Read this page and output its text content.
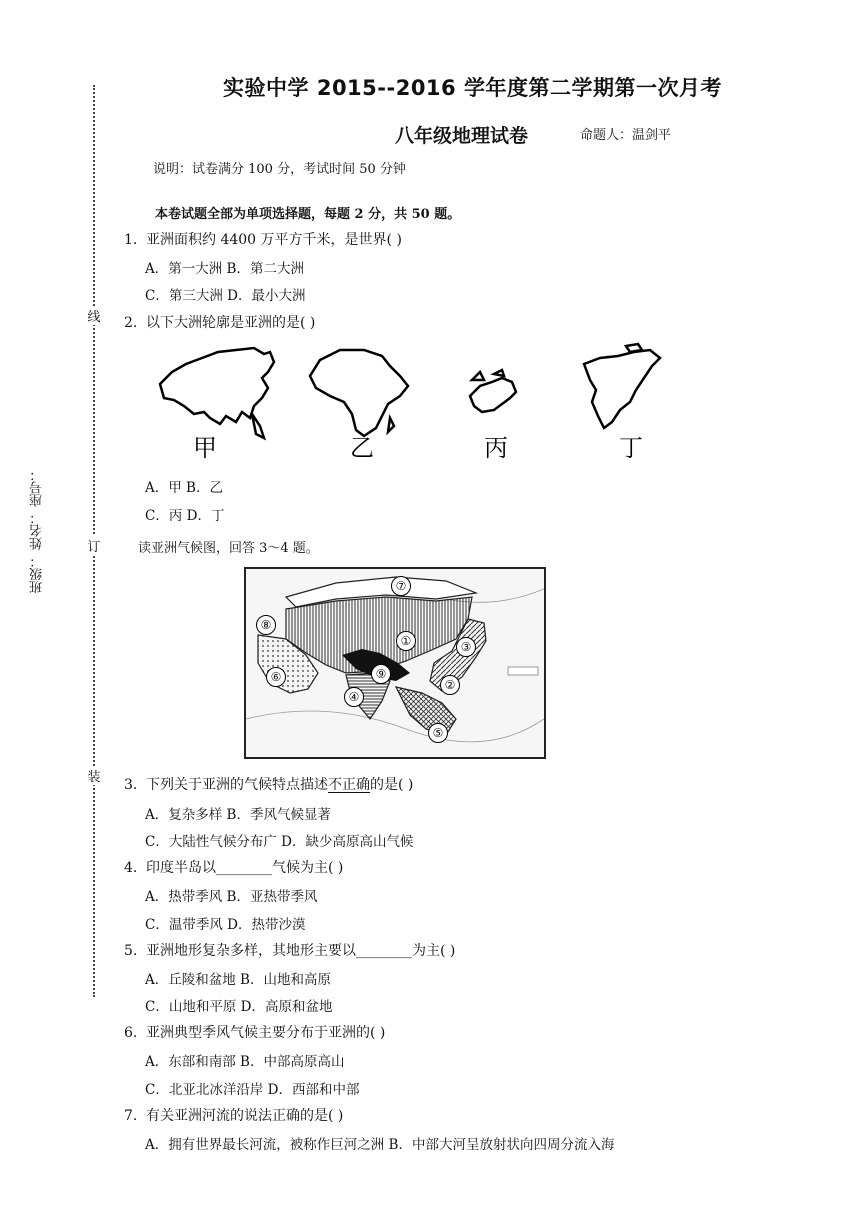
实验中学 2015--2016 学年度第二学期第一次月考
八年级地理试卷	命题人：温剑平
说明：试卷满分 100 分，考试时间 50 分钟
本卷试题全部为单项选择题，每题 2 分，共 50 题。
线
订
装
班级： 姓名： 座号：
1. 亚洲面积约 4400 万平方千米，是世界( )
A．第一大洲 B．第二大洲
C．第三大洲 D．最小大洲
2. 以下大洲轮廓是亚洲的是( )
甲	乙	丙	丁
A．甲 B．乙
C．丙 D．丁
读亚洲气候图，回答 3～4 题。
⑦
⑧
①	③
⑨
②
⑥
④
⑤
3. 下列关于亚洲的气候特点描述不正确的是( )
A．复杂多样 B．季风气候显著
C．大陆性气候分布广 D．缺少高原高山气候
4. 印度半岛以________气候为主( )
A．热带季风 B．亚热带季风
C．温带季风 D．热带沙漠
5. 亚洲地形复杂多样，其地形主要以________为主( )
A．丘陵和盆地 B．山地和高原
C．山地和平原 D．高原和盆地
6. 亚洲典型季风气候主要分布于亚洲的( )
A．东部和南部 B．中部高原高山
C．北亚北冰洋沿岸 D．西部和中部
7. 有关亚洲河流的说法正确的是( )
A．拥有世界最长河流，被称作巨河之洲 B．中部大河呈放射状向四周分流入海
